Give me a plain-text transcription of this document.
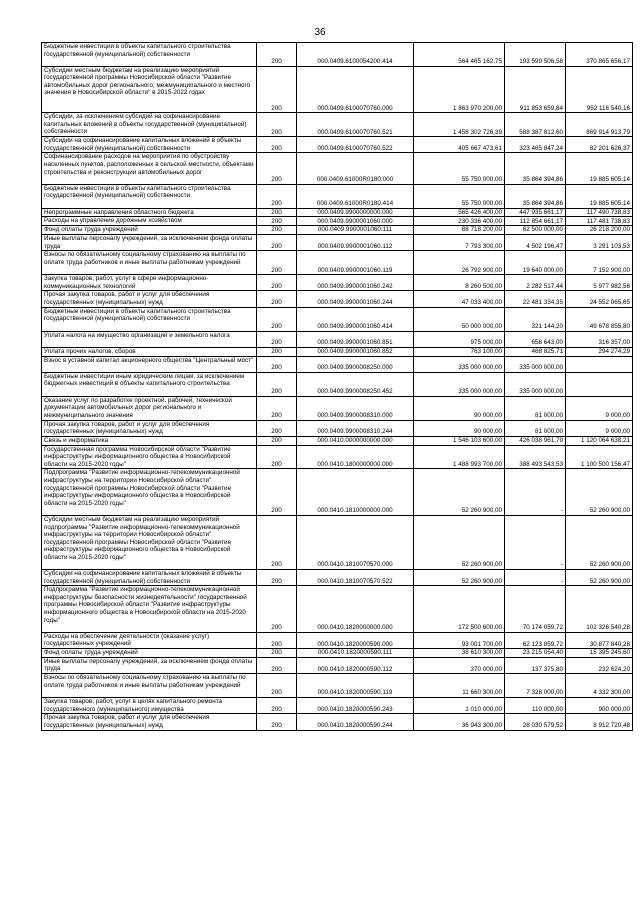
36
Бюджетные инвестиции в объекты капитального строительства государственной (муниципальной) собственности	200	000.0409.6100054200.414	564 465 162,75	193 599 506,58	370 865 656,17
Субсидии местным бюджетам на реализацию мероприятий государственной программы Новосибирской области "Развитие автомобильных дорог регионального, межмуниципального и местного значения в Новосибирской области" в 2015-2022 годах	200	000.0409.6100070760.000	1 863 970 200,00	911 853 659,84	952 116 540,16
Субсидии, за исключением субсидий на софинансирование капитальных вложений в объекты государственной (муниципальной) собственности	200	000.0409.6100070760.521	1 458 302 726,39	588 387 812,60	869 914 913,79
Субсидии на софинансирование капитальных вложений в объекты государственной (муниципальной) собственности	200	000.0409.6100070760.522	405 667 473,61	323 465 847,24	82 201 626,37
Софинансирование расходов на мероприятия по обустройству населенных пунктов, расположенных в сельской местности, объектами строительства и реконструкции автомобильных дорог	200	000.0409.61000R0180.000	55 750 000,00	35 864 394,86	19 885 605,14
Бюджетные инвестиции в объекты капитального строительства государственной (муниципальной) собственности	200	000.0409.61000R0180.414	55 750 000,00	35 864 394,86	19 885 605,14
Непрограммные направления областного бюджета	200	000.0409.9900000000.000	565 426 400,00	447 935 661,17	117 490 738,83
Расходы на управление дорожным хозяйством	200	000.0409.9900001060.000	230 336 400,00	112 854 661,17	117 481 738,83
Фонд оплаты труда учреждений	200	000.0409.9900001060.111	88 718 200,00	62 500 000,00	26 218 200,00
Иные выплаты персоналу учреждений, за исключением фонда оплаты труда	200	000.0409.9900001060.112	7 793 300,00	4 502 196,47	3 291 103,53
Взносы по обязательному социальному страхованию на выплаты по оплате труда работников и иные выплаты работникам учреждений	200	000.0409.9900001060.119	26 792 900,00	19 640 000,00	7 152 900,00
Закупка товаров, работ, услуг в сфере информационно-коммуникационных технологий	200	000.0409.9900001060.242	8 260 500,00	2 282 517,44	5 977 982,56
Прочая закупка товаров, работ и услуг для обеспечения государственных (муниципальных) нужд	200	000.0409.9900001060.244	47 033 400,00	22 481 334,35	24 552 065,65
Бюджетные инвестиции в объекты капитального строительства государственной (муниципальной) собственности	200	000.0409.9900001060.414	50 000 000,00	321 144,20	49 678 855,80
Уплата налога на имущество организаций и земельного налога	200	000.0409.9900001060.851	975 000,00	658 643,00	316 357,00
Уплата прочих налогов, сборов	200	000.0409.9900001060.852	763 100,00	468 825,71	294 274,29
Взнос в уставной капитал акционерного общества "Центральный мост"	200	000.0409.9900008250.000	335 000 000,00	335 000 000,00	
Бюджетные инвестиции иным юридическим лицам, за исключением бюджетных инвестиций в объекты капитального строительства	200	000.0409.9900008250.452	335 000 000,00	335 000 000,00	
Оказание услуг по разработке проектной, рабочей, технической документации автомобильных дорог регионального и межмуниципального значения	200	000.0409.9900008310.000	90 000,00	81 000,00	9 000,00
Прочая закупка товаров, работ и услуг для обеспечения государственных (муниципальных) нужд	200	000.0409.9900008310.244	90 000,00	81 000,00	9 000,00
Связь и информатика	200	000.0410.0000000000.000	1 546 103 600,00	426 038 961,79	1 120 064 638,21
Государственная программа Новосибирской области "Развитие инфраструктуры информационного общества в Новосибирской области на 2015-2020 годы"	200	000.0410.1800000000.000	1 488 993 700,00	388 493 543,53	1 100 500 156,47
Подпрограмма "Развитие информационно-телекоммуникационной инфраструктуры на территории Новосибирской области" государственной программы Новосибирской области "Развитие инфраструктуры информационного общества в Новосибирской области на 2015-2020 годы"	200	000.0410.1810000000.000	52 260 900,00	-	52 260 900,00
Субсидии местным бюджетам на реализацию мероприятий подпрограммы "Развитие информационно-телекоммуникационной инфраструктуры на территории Новосибирской области" государственной программы Новосибирской области "Развитие инфраструктуры информационного общества в Новосибирской области на 2015-2020 годы"	200	000.0410.1810070570.000	52 260 900,00	-	52 260 900,00
Субсидии на софинансирование капитальных вложений в объекты государственной (муниципальной) собственности	200	000.0410.1810070570.522	52 260 900,00	-	52 260 900,00
Подпрограмма "Развитие информационно-телекоммуникационной инфраструктуры безопасности жизнедеятельности" государственной программы Новосибирской области "Развитие инфраструктуры информационного общества в Новосибирской области на 2015-2020 годы"	200	000.0410.1820000000.000	172 500 600,00	70 174 059,72	102 326 540,28
Расходы на обеспечение деятельности (оказание услуг) государственных учреждений	200	000.0410.1820000590.000	93 001 700,00	62 123 859,72	30 877 840,28
Фонд оплаты труда учреждений	200	000.0410.1820000590.111	38 610 300,00	23 215 054,40	15 395 245,60
Иные выплаты персоналу учреждений, за исключением фонда оплаты труда	200	000.0410.1820000590.112	370 000,00	137 375,80	232 624,20
Взносы по обязательному социальному страхованию на выплаты по оплате труда работников и иные выплаты работникам учреждений	200	000.0410.1820000590.119	11 660 300,00	7 328 000,00	4 332 300,00
Закупка товаров, работ, услуг в целях капитального ремонта государственного (муниципального) имущества	200	000.0410.1820000590.243	1 010 000,00	110 000,00	900 000,00
Прочая закупка товаров, работ и услуг для обеспечения государственных (муниципальных) нужд	200	000.0410.1820000590.244	36 943 300,00	28 030 579,52	8 912 720,48
